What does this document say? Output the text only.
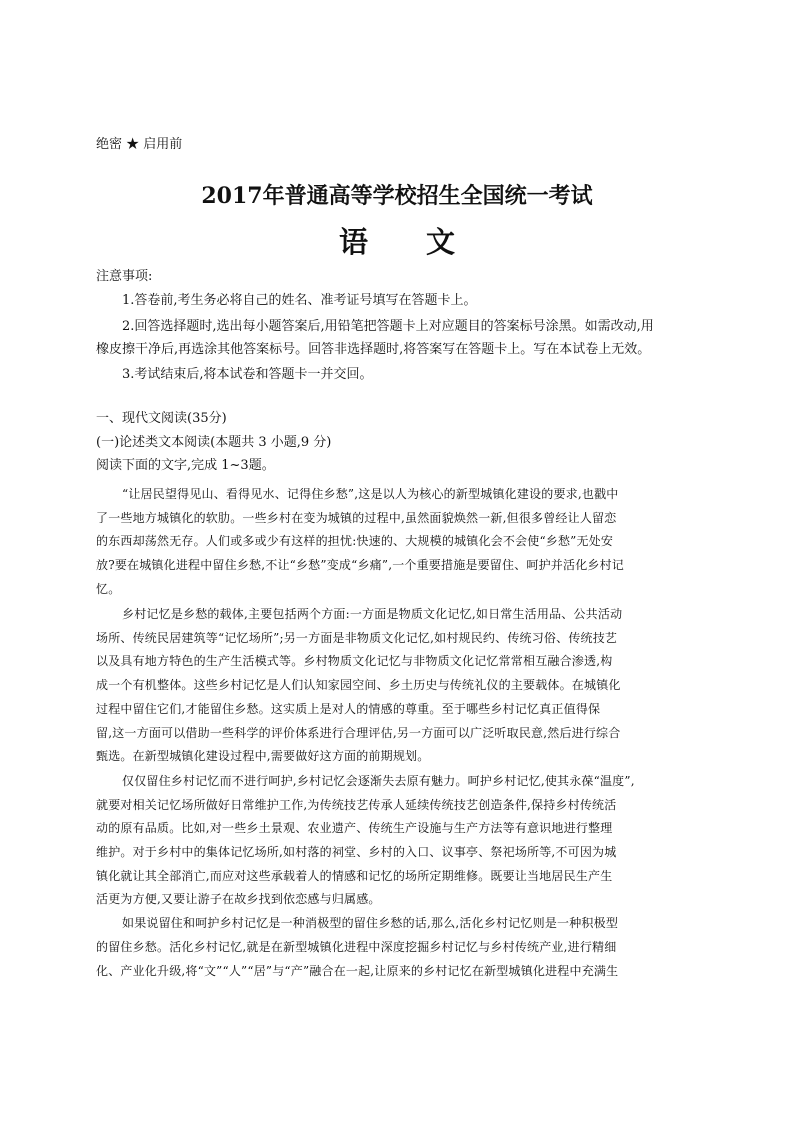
绝密 ★ 启用前
2017年普通高等学校招生全国统一考试
语　　文
注意事项:
1.答卷前,考生务必将自己的姓名、准考证号填写在答题卡上。
2.回答选择题时,选出每小题答案后,用铅笔把答题卡上对应题目的答案标号涂黑。如需改动,用
橡皮擦干净后,再选涂其他答案标号。回答非选择题时,将答案写在答题卡上。写在本试卷上无效。
3.考试结束后,将本试卷和答题卡一并交回。
一、现代文阅读(35分)
(一)论述类文本阅读(本题共 3 小题,9 分)
阅读下面的文字,完成 1~3题。
“让居民望得见山、看得见水、记得住乡愁”,这是以人为核心的新型城镇化建设的要求,也戳中
了一些地方城镇化的软肋。一些乡村在变为城镇的过程中,虽然面貌焕然一新,但很多曾经让人留恋
的东西却荡然无存。人们或多或少有这样的担忧:快速的、大规模的城镇化会不会使“乡愁”无处安
放?要在城镇化进程中留住乡愁,不让“乡愁”变成“乡痛”,一个重要措施是要留住、呵护并活化乡村记
忆。
乡村记忆是乡愁的载体,主要包括两个方面:一方面是物质文化记忆,如日常生活用品、公共活动
场所、传统民居建筑等“记忆场所”;另一方面是非物质文化记忆,如村规民约、传统习俗、传统技艺
以及具有地方特色的生产生活模式等。乡村物质文化记忆与非物质文化记忆常常相互融合渗透,构
成一个有机整体。这些乡村记忆是人们认知家园空间、乡土历史与传统礼仪的主要载体。在城镇化
过程中留住它们,才能留住乡愁。这实质上是对人的情感的尊重。至于哪些乡村记忆真正值得保
留,这一方面可以借助一些科学的评价体系进行合理评估,另一方面可以广泛听取民意,然后进行综合
甄选。在新型城镇化建设过程中,需要做好这方面的前期规划。
仅仅留住乡村记忆而不进行呵护,乡村记忆会逐渐失去原有魅力。呵护乡村记忆,使其永葆“温度”,
就要对相关记忆场所做好日常维护工作,为传统技艺传承人延续传统技艺创造条件,保持乡村传统活
动的原有品质。比如,对一些乡土景观、农业遗产、传统生产设施与生产方法等有意识地进行整理
维护。对于乡村中的集体记忆场所,如村落的祠堂、乡村的入口、议事亭、祭祀场所等,不可因为城
镇化就让其全部消亡,而应对这些承载着人的情感和记忆的场所定期维修。既要让当地居民生产生
活更为方便,又要让游子在故乡找到依恋感与归属感。
如果说留住和呵护乡村记忆是一种消极型的留住乡愁的话,那么,活化乡村记忆则是一种积极型
的留住乡愁。活化乡村记忆,就是在新型城镇化进程中深度挖掘乡村记忆与乡村传统产业,进行精细
化、产业化升级,将“文”“人”“居”与“产”融合在一起,让原来的乡村记忆在新型城镇化进程中充满生
